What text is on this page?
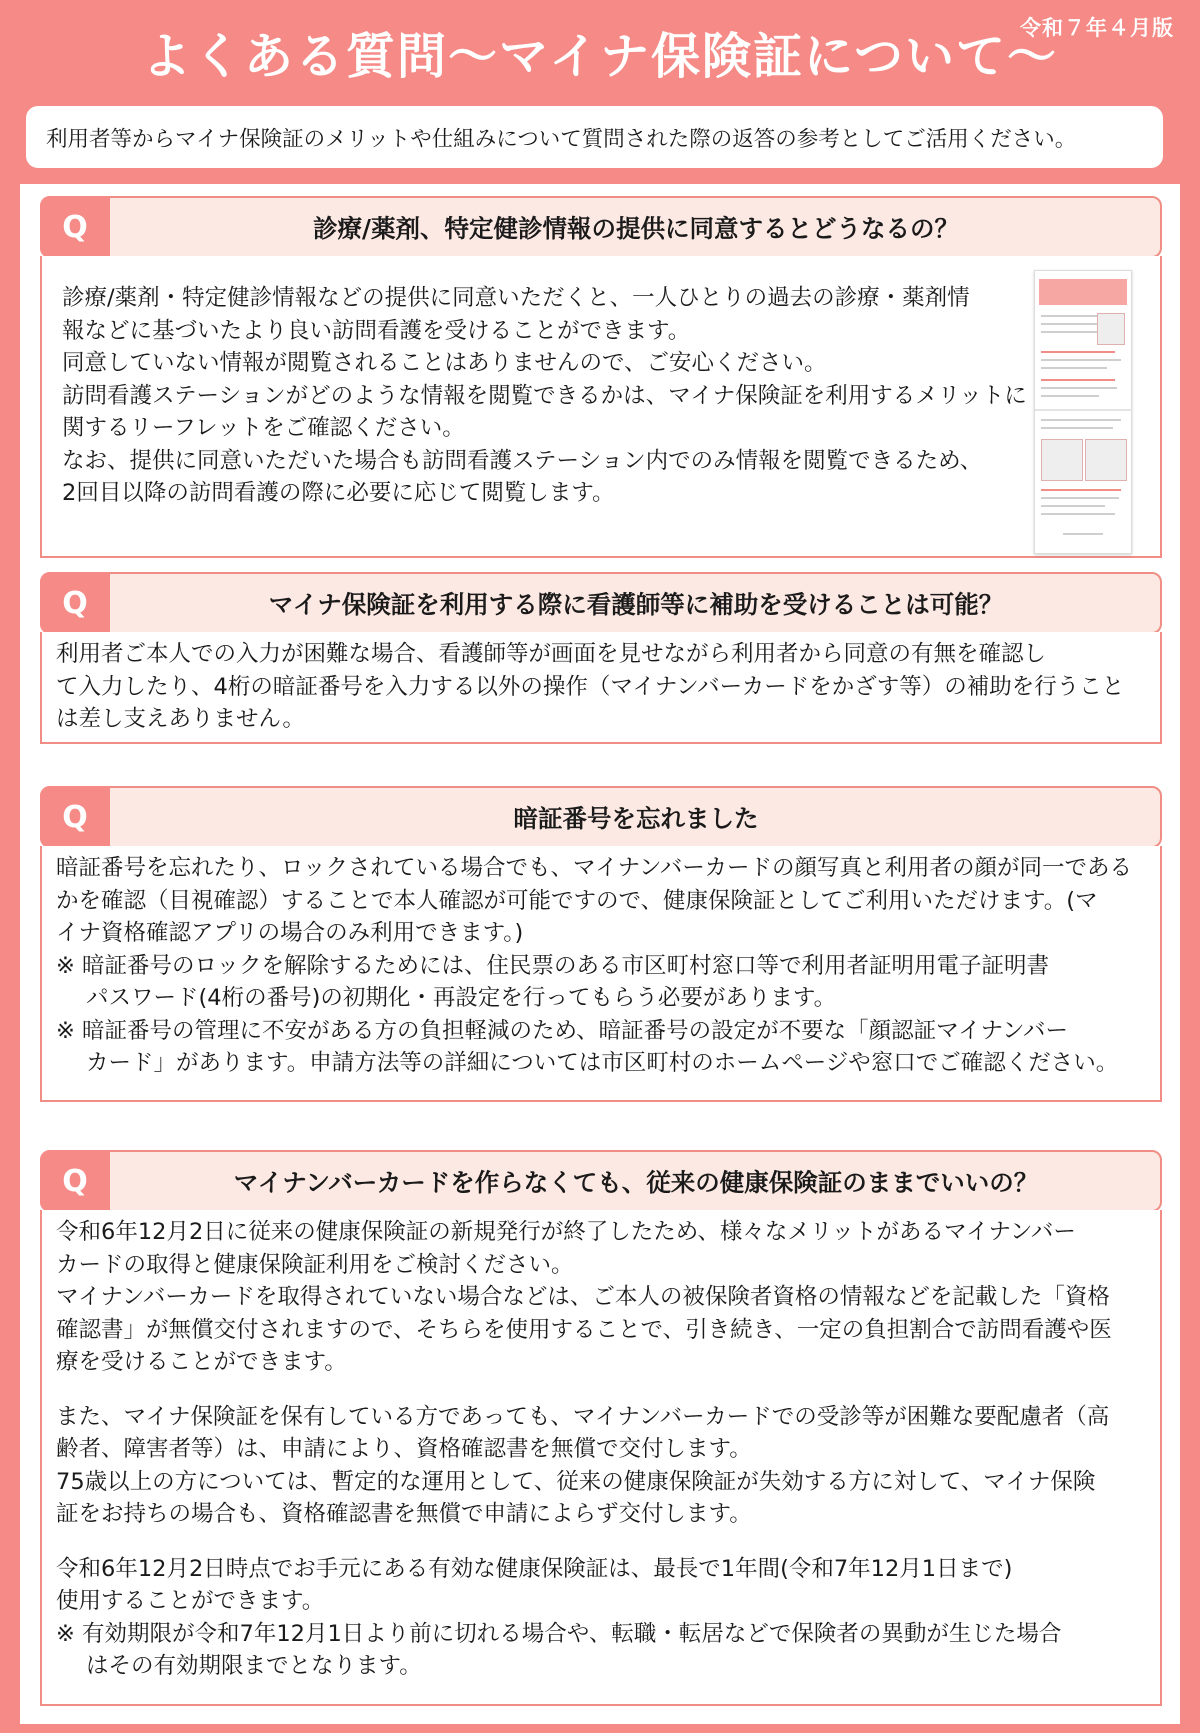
令和７年４月版
よくある質問～マイナ保険証について～
利用者等からマイナ保険証のメリットや仕組みについて質問された際の返答の参考としてご活用ください。
Q	診療/薬剤、特定健診情報の提供に同意するとどうなるの？

診療/薬剤・特定健診情報などの提供に同意いただくと、一人ひとりの過去の診療・薬剤情

報などに基づいたより良い訪問看護を受けることができます。

同意していない情報が閲覧されることはありませんので、ご安心ください。

訪問看護ステーションがどのような情報を閲覧できるかは、マイナ保険証を利用するメリットに

関するリーフレットをご確認ください。

なお、提供に同意いただいた場合も訪問看護ステーション内でのみ情報を閲覧できるため、

2回目以降の訪問看護の際に必要に応じて閲覧します。

Q	マイナ保険証を利用する際に看護師等に補助を受けることは可能？

利用者ご本人での入力が困難な場合、看護師等が画面を見せながら利用者から同意の有無を確認し

て入力したり、4桁の暗証番号を入力する以外の操作（マイナンバーカードをかざす等）の補助を行うこと

は差し支えありません。

Q	暗証番号を忘れました

暗証番号を忘れたり、ロックされている場合でも、マイナンバーカードの顔写真と利用者の顔が同一である

かを確認（目視確認）することで本人確認が可能ですので、健康保険証としてご利用いただけます。(マ

イナ資格確認アプリの場合のみ利用できます。)

※ 暗証番号のロックを解除するためには、住民票のある市区町村窓口等で利用者証明用電子証明書

パスワード(4桁の番号)の初期化・再設定を行ってもらう必要があります。

※ 暗証番号の管理に不安がある方の負担軽減のため、暗証番号の設定が不要な「顔認証マイナンバー

カード」があります。申請方法等の詳細については市区町村のホームページや窓口でご確認ください。

Q	マイナンバーカードを作らなくても、従来の健康保険証のままでいいの？

令和6年12月2日に従来の健康保険証の新規発行が終了したため、様々なメリットがあるマイナンバー

カードの取得と健康保険証利用をご検討ください。

マイナンバーカードを取得されていない場合などは、ご本人の被保険者資格の情報などを記載した「資格

確認書」が無償交付されますので、そちらを使用することで、引き続き、一定の負担割合で訪問看護や医

療を受けることができます。

また、マイナ保険証を保有している方であっても、マイナンバーカードでの受診等が困難な要配慮者（高

齢者、障害者等）は、申請により、資格確認書を無償で交付します。

75歳以上の方については、暫定的な運用として、従来の健康保険証が失効する方に対して、マイナ保険

証をお持ちの場合も、資格確認書を無償で申請によらず交付します。

令和6年12月2日時点でお手元にある有効な健康保険証は、最長で1年間(令和7年12月1日まで)

使用することができます。

※ 有効期限が令和7年12月1日より前に切れる場合や、転職・転居などで保険者の異動が生じた場合

はその有効期限までとなります。
